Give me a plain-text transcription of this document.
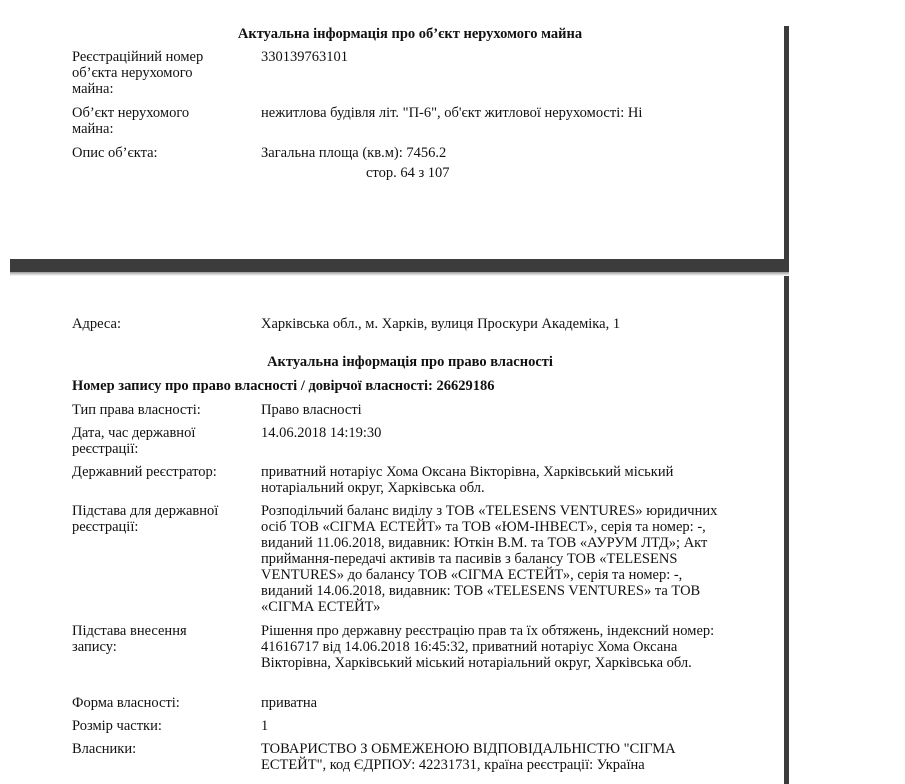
Актуальна інформація про об’єкт нерухомого майна
Реєстраційний номер об’єкта нерухомого майна:
330139763101
Об’єкт нерухомого майна:
нежитлова будівля літ. "П-6", об'єкт житлової нерухомості: Ні
Опис об’єкта:	Загальна площа (кв.м): 7456.2
стор. 64 з 107
Адреса:	Харківська обл., м. Харків, вулиця Проскури Академіка, 1
Актуальна інформація про право власності
Номер запису про право власності / довірчої власності: 26629186
Тип права власності:	Право власності
Дата, час державної реєстрації:
14.06.2018 14:19:30
Державний реєстратор:	приватний нотаріус Хома Оксана Вікторівна, Харківський міський нотаріальний округ, Харківська обл.
Підстава для державної реєстрації:
Розподільчий баланс виділу з ТОВ «TELESENS VENTURES» юридичних осіб ТОВ «СІГМА ЕСТЕЙТ» та ТОВ «ЮМ-ІНВЕСТ», серія та номер: -, виданий 11.06.2018, видавник: Юткін В.М. та ТОВ «АУРУМ ЛТД»; Акт приймання-передачі активів та пасивів з балансу ТОВ «TELESENS VENTURES» до балансу ТОВ «СІГМА ЕСТЕЙТ», серія та номер: -, виданий 14.06.2018, видавник: ТОВ «TELESENS VENTURES» та ТОВ «СІГМА ЕСТЕЙТ»
Підстава внесення запису:
Рішення про державну реєстрацію прав та їх обтяжень, індексний номер: 41616717 від 14.06.2018 16:45:32, приватний нотаріус Хома Оксана Вікторівна, Харківський міський нотаріальний округ, Харківська обл.
Форма власності:	приватна
Розмір частки:	1
Власники:	ТОВАРИСТВО З ОБМЕЖЕНОЮ ВІДПОВІДАЛЬНІСТЮ "СІГМА ЕСТЕЙТ", код ЄДРПОУ: 42231731, країна реєстрації: Україна
